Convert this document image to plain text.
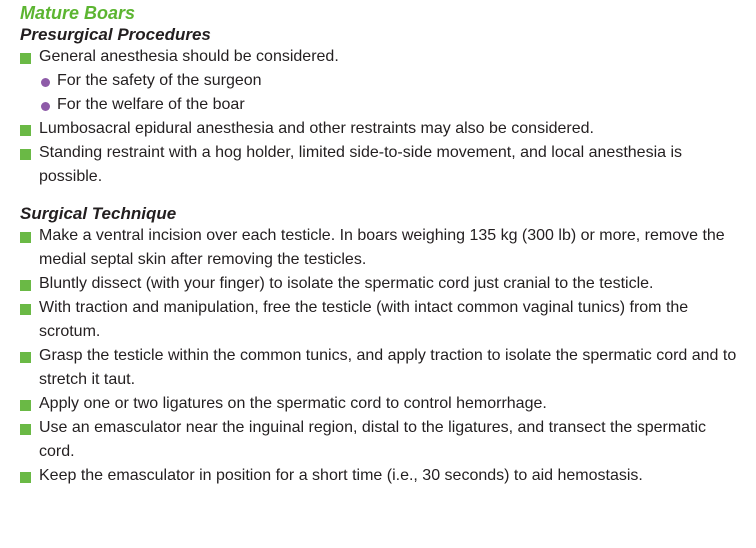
Mature Boars
Presurgical Procedures
General anesthesia should be considered.
For the safety of the surgeon
For the welfare of the boar
Lumbosacral epidural anesthesia and other restraints may also be considered.
Standing restraint with a hog holder, limited side-to-side movement, and local anesthesia is possible.
Surgical Technique
Make a ventral incision over each testicle. In boars weighing 135 kg (300 lb) or more, remove the medial septal skin after removing the testicles.
Bluntly dissect (with your finger) to isolate the spermatic cord just cranial to the testicle.
With traction and manipulation, free the testicle (with intact common vaginal tunics) from the scrotum.
Grasp the testicle within the common tunics, and apply traction to isolate the spermatic cord and to stretch it taut.
Apply one or two ligatures on the spermatic cord to control hemorrhage.
Use an emasculator near the inguinal region, distal to the ligatures, and transect the spermatic cord.
Keep the emasculator in position for a short time (i.e., 30 seconds) to aid hemostasis.
